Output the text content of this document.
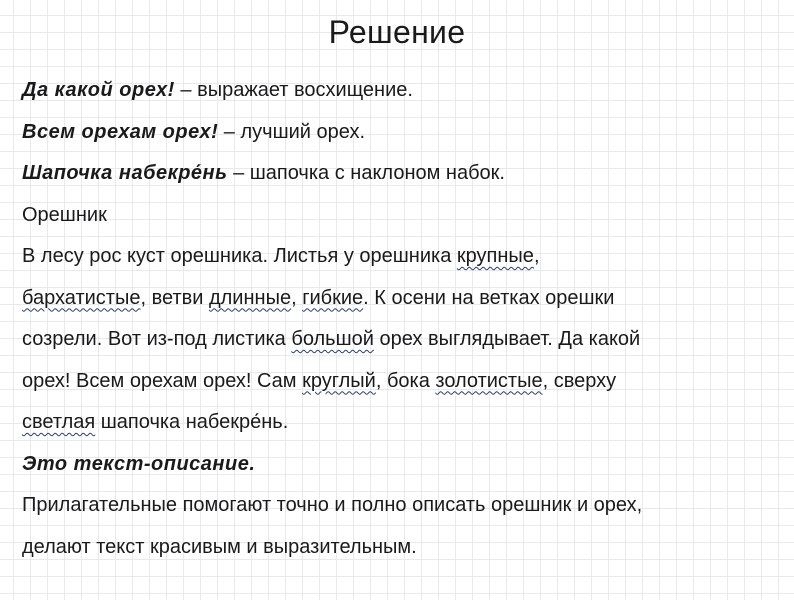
Решение
Да какой орех! – выражает восхищение.
Всем орехам орех! – лучший орех.
Шапочка набекре́нь – шапочка с наклоном набок.
Орешник
В лесу рос куст орешника. Листья у орешника крупные,
бархатистые, ветви длинные, гибкие. К осени на ветках орешки
созрели. Вот из-под листика большой орех выглядывает. Да какой
орех! Всем орехам орех! Сам круглый, бока золотистые, сверху
светлая шапочка набекре́нь.
Это текст-описание.
Прилагательные помогают точно и полно описать орешник и орех,
делают текст красивым и выразительным.
